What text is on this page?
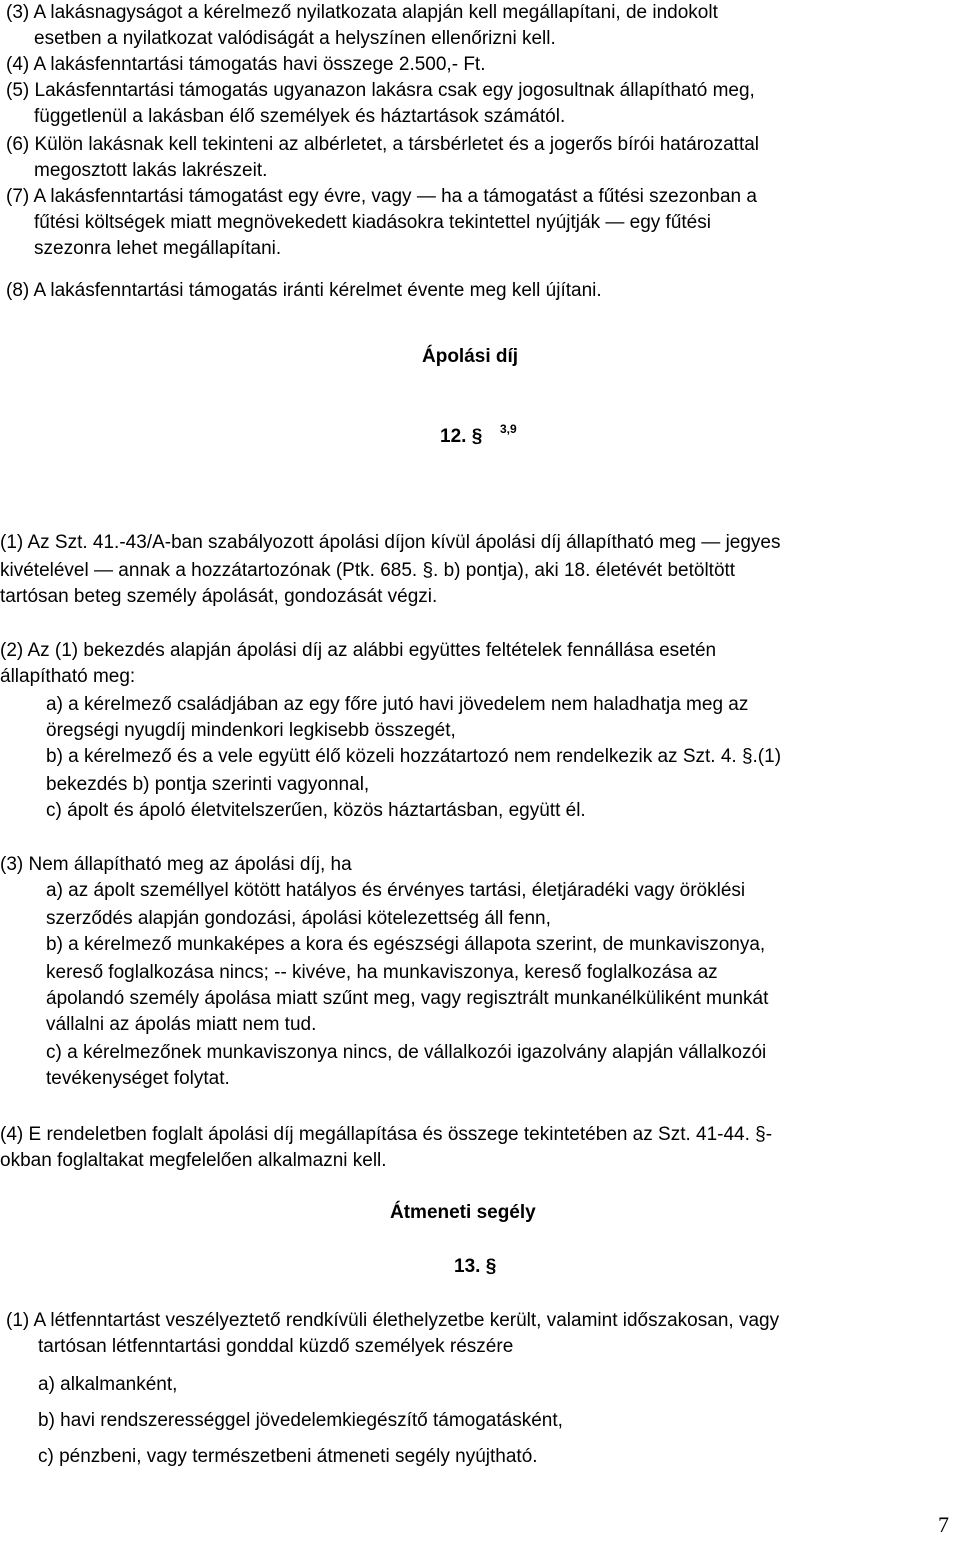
(3) A lakásnagyságot a kérelmező nyilatkozata alapján kell megállapítani, de indokolt
esetben a nyilatkozat valódiságát a helyszínen ellenőrizni kell.
(4) A lakásfenntartási támogatás havi összege 2.500,- Ft.
(5) Lakásfenntartási támogatás ugyanazon lakásra csak egy jogosultnak állapítható meg,
függetlenül a lakásban élő személyek és háztartások számától.
(6) Külön lakásnak kell tekinteni az albérletet, a társbérletet és a jogerős bírói határozattal
megosztott lakás lakrészeit.
(7) A lakásfenntartási támogatást egy évre, vagy ― ha a támogatást a fűtési szezonban a
fűtési költségek miatt megnövekedett kiadásokra tekintettel nyújtják ― egy fűtési
szezonra lehet megállapítani.
(8) A lakásfenntartási támogatás iránti kérelmet évente meg kell újítani.
Ápolási díj
12. § 3,9
(1) Az Szt. 41.-43/A-ban szabályozott ápolási díjon kívül ápolási díj állapítható meg ― jegyes
kivételével ― annak a hozzátartozónak (Ptk. 685. §. b) pontja), aki 18. életévét betöltött
tartósan beteg személy ápolását, gondozását végzi.
(2) Az (1) bekezdés alapján ápolási díj az alábbi együttes feltételek fennállása esetén
állapítható meg:
a) a kérelmező családjában az egy főre jutó havi jövedelem nem haladhatja meg az
öregségi nyugdíj mindenkori legkisebb összegét,
b) a kérelmező és a vele együtt élő közeli hozzátartozó nem rendelkezik az Szt. 4. §.(1)
bekezdés b) pontja szerinti vagyonnal,
c) ápolt és ápoló életvitelszerűen, közös háztartásban, együtt él.
(3) Nem állapítható meg az ápolási díj, ha
a) az ápolt személlyel kötött hatályos és érvényes tartási, életjáradéki vagy öröklési
szerződés alapján gondozási, ápolási kötelezettség áll fenn,
b) a kérelmező munkaképes a kora és egészségi állapota szerint, de munkaviszonya,
kereső foglalkozása nincs; -- kivéve, ha munkaviszonya, kereső foglalkozása az
ápolandó személy ápolása miatt szűnt meg, vagy regisztrált munkanélküliként munkát
vállalni az ápolás miatt nem tud.
c) a kérelmezőnek munkaviszonya nincs, de vállalkozói igazolvány alapján vállalkozói
tevékenységet folytat.
(4) E rendeletben foglalt ápolási díj megállapítása és összege tekintetében az Szt. 41-44. §-
okban foglaltakat megfelelően alkalmazni kell.
Átmeneti segély
13. §
(1) A létfenntartást veszélyeztető rendkívüli élethelyzetbe került, valamint időszakosan, vagy
tartósan létfenntartási gonddal küzdő személyek részére
a) alkalmanként,
b) havi rendszerességgel jövedelemkiegészítő támogatásként,
c) pénzbeni, vagy természetbeni átmeneti segély nyújtható.
7
